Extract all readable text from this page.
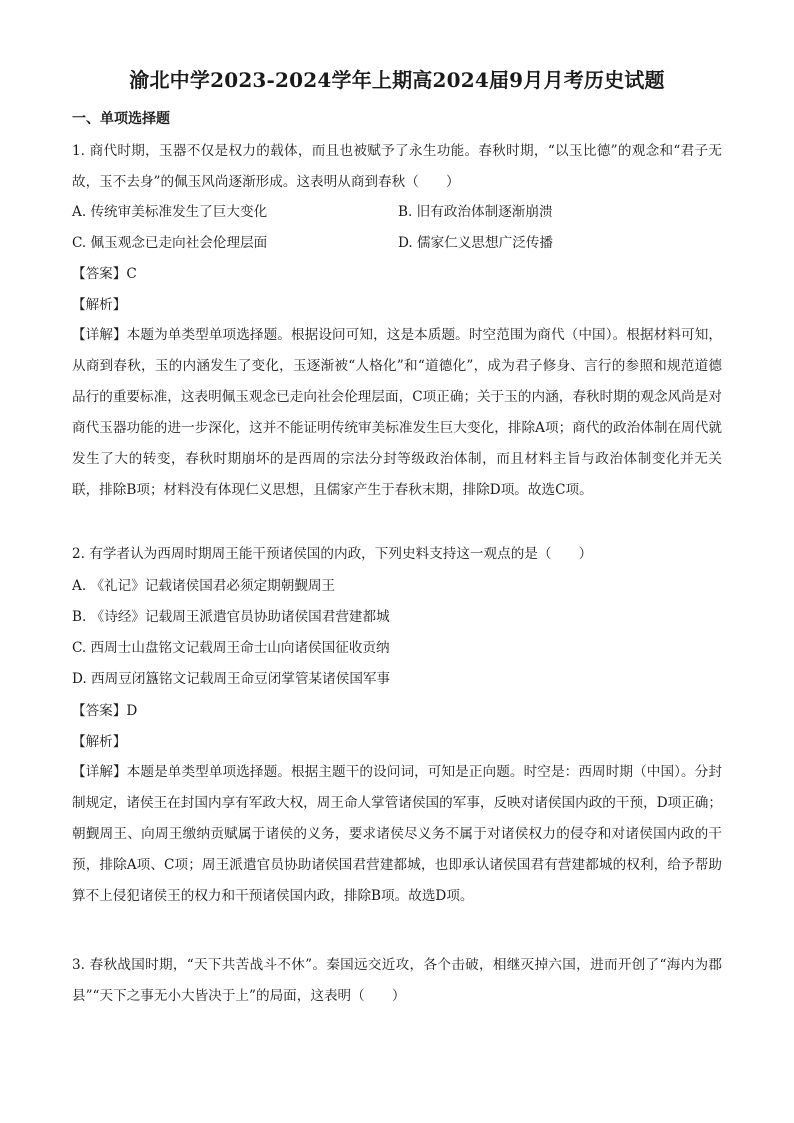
渝北中学2023-2024学年上期高2024届9月月考历史试题
一、单项选择题

1. 商代时期，玉器不仅是权力的载体，而且也被赋予了永生功能。春秋时期，“以玉比德”的观念和“君子无故，玉不去身”的佩玉风尚逐渐形成。这表明从商到春秋（　　）

A. 传统审美标准发生了巨大变化	B. 旧有政治体制逐渐崩溃
C. 佩玉观念已走向社会伦理层面	D. 儒家仁义思想广泛传播
【答案】C
【解析】

【详解】本题为单类型单项选择题。根据设问可知，这是本质题。时空范围为商代（中国）。根据材料可知，从商到春秋，玉的内涵发生了变化，玉逐渐被“人格化”和“道德化”，成为君子修身、言行的参照和规范道德品行的重要标准，这表明佩玉观念已走向社会伦理层面，C项正确；关于玉的内涵，春秋时期的观念风尚是对商代玉器功能的进一步深化，这并不能证明传统审美标准发生巨大变化，排除A项；商代的政治体制在周代就发生了大的转变，春秋时期崩坏的是西周的宗法分封等级政治体制，而且材料主旨与政治体制变化并无关联，排除B项；材料没有体现仁义思想，且儒家产生于春秋末期，排除D项。故选C项。

2. 有学者认为西周时期周王能干预诸侯国的内政，下列史料支持这一观点的是（　　）
A. 《礼记》记载诸侯国君必须定期朝觐周王
B. 《诗经》记载周王派遣官员协助诸侯国君营建都城
C. 西周士山盘铭文记载周王命士山向诸侯国征收贡纳
D. 西周豆闭簋铭文记载周王命豆闭掌管某诸侯国军事
【答案】D
【解析】

【详解】本题是单类型单项选择题。根据主题干的设问词，可知是正向题。时空是：西周时期（中国）。分封制规定，诸侯王在封国内享有军政大权，周王命人掌管诸侯国的军事，反映对诸侯国内政的干预，D项正确；朝觐周王、向周王缴纳贡赋属于诸侯的义务，要求诸侯尽义务不属于对诸侯权力的侵夺和对诸侯国内政的干预，排除A项、C项；周王派遣官员协助诸侯国君营建都城，也即承认诸侯国君有营建都城的权利，给予帮助算不上侵犯诸侯王的权力和干预诸侯国内政，排除B项。故选D项。

3. 春秋战国时期，“天下共苦战斗不休”。秦国远交近攻，各个击破，相继灭掉六国，进而开创了“海内为郡县”“天下之事无小大皆决于上”的局面，这表明（　　）
